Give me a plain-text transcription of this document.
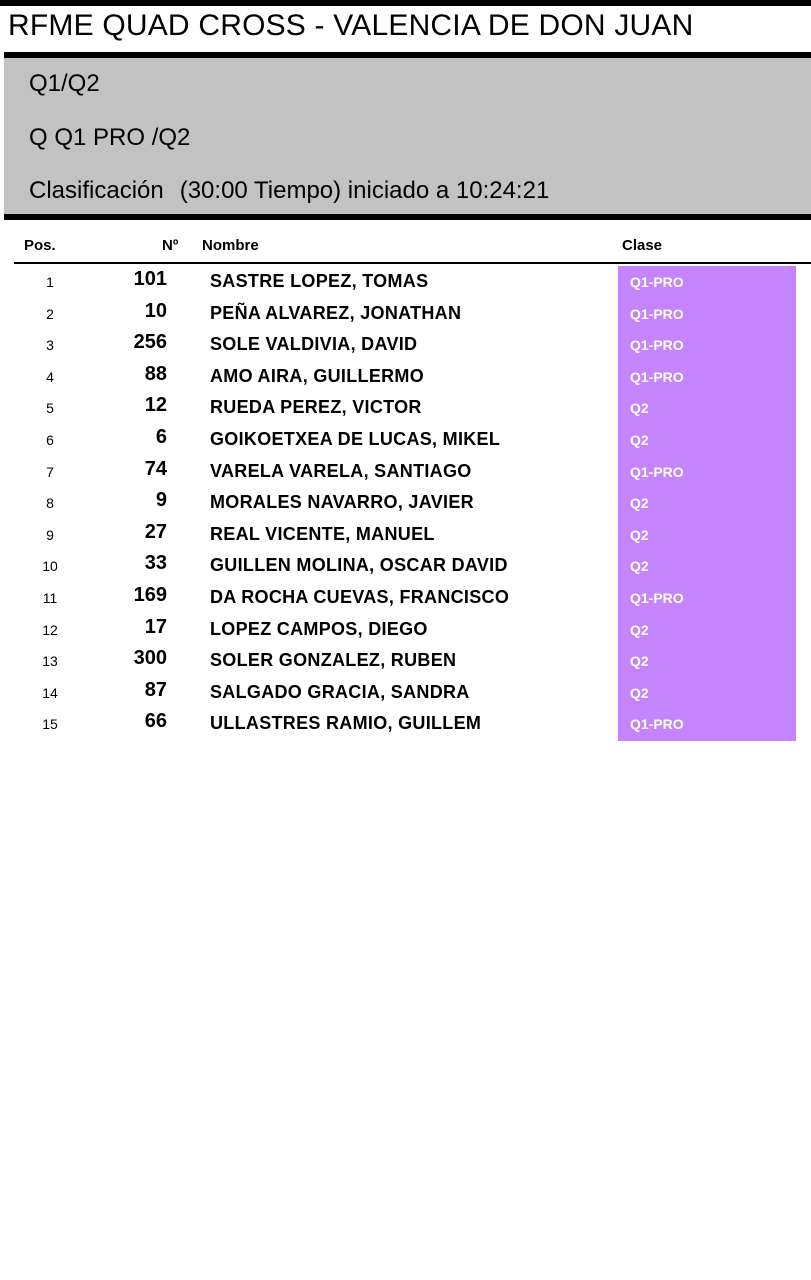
RFME QUAD CROSS - VALENCIA DE DON JUAN
Q1/Q2
Q Q1 PRO /Q2
Clasificación (30:00 Tiempo) iniciado a 10:24:21
Pos.	Nº Nombre	Clase
1	101 SASTRE LOPEZ, TOMAS	Q1-PRO
2	10 PEÑA ALVAREZ, JONATHAN	Q1-PRO
3	256 SOLE VALDIVIA, DAVID	Q1-PRO
4	88 AMO AIRA, GUILLERMO	Q1-PRO
5	12 RUEDA PEREZ, VICTOR	Q2
6	6 GOIKOETXEA DE LUCAS, MIKEL	Q2
7	74 VARELA VARELA, SANTIAGO	Q1-PRO
8	9 MORALES NAVARRO, JAVIER	Q2
9	27 REAL VICENTE, MANUEL	Q2
10	33 GUILLEN MOLINA, OSCAR DAVID	Q2
11	169 DA ROCHA CUEVAS, FRANCISCO	Q1-PRO
12	17 LOPEZ CAMPOS, DIEGO	Q2
13	300 SOLER GONZALEZ, RUBEN	Q2
14	87 SALGADO GRACIA, SANDRA	Q2
15	66 ULLASTRES RAMIO, GUILLEM	Q1-PRO
